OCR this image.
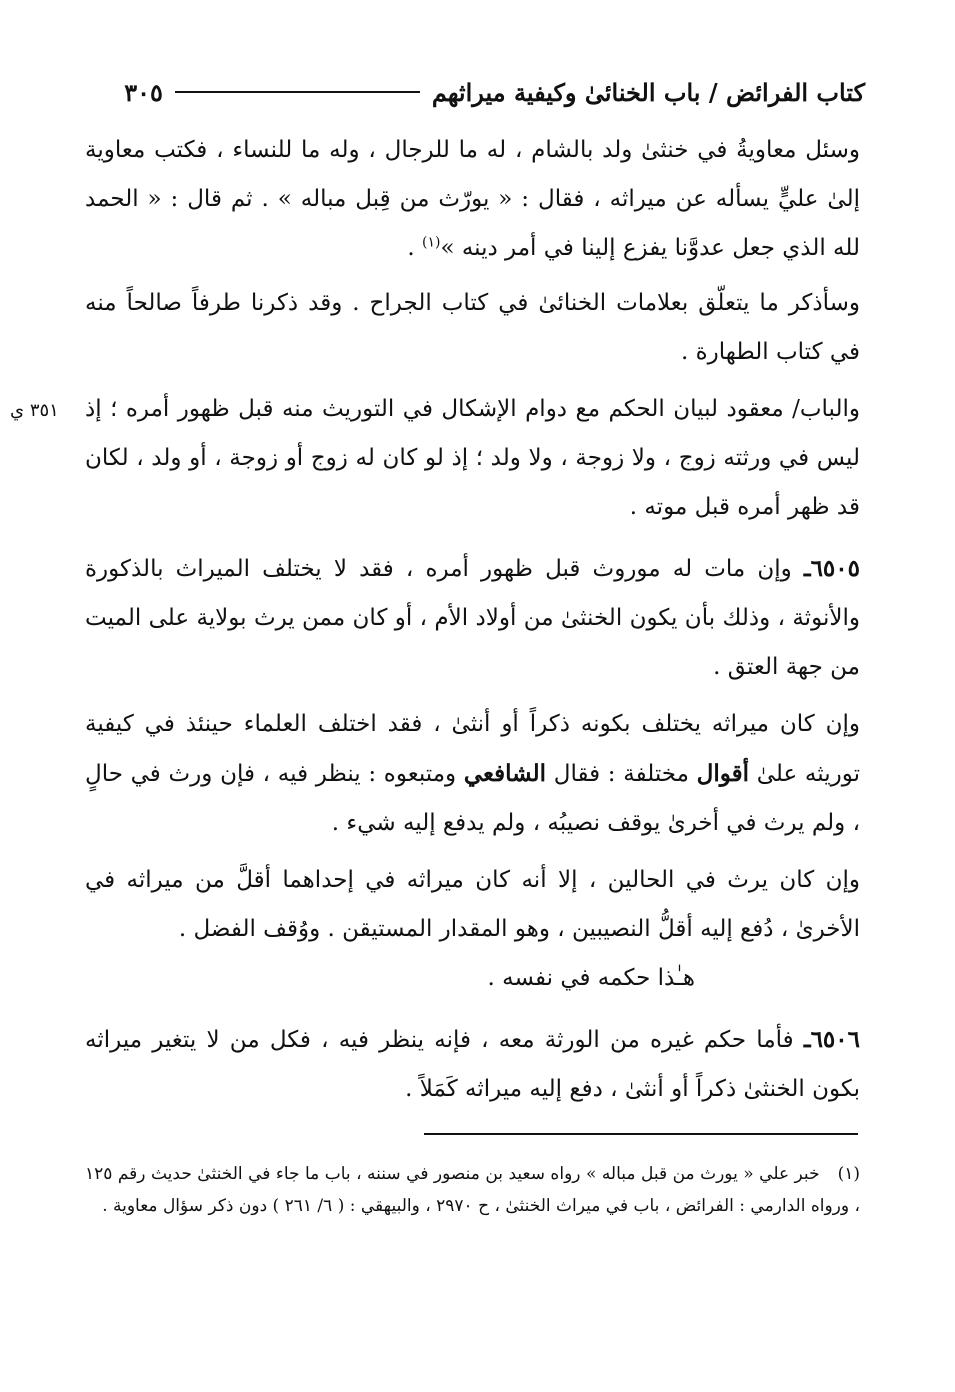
كتاب الفرائض / باب الخنائىٰ وكيفية ميراثهم
٣٠٥

وسئل معاويةُ في خنثىٰ ولد بالشام ، له ما للرجال ، وله ما للنساء ، فكتب معاوية إلىٰ عليٍّ يسأله عن ميراثه ، فقال : « يورّث من قِبل مباله » . ثم قال : « الحمد لله الذي جعل عدوَّنا يفزع إلينا في أمر دينه »$^{(١)}$ .

وسأذكر ما يتعلّق بعلامات الخنائىٰ في كتاب الجراح . وقد ذكرنا طرفاً صالحاً منه في كتاب الطهارة .

والباب/ معقود لبيان الحكم مع دوام الإشكال في التوريث منه قبل ظهور أمره ؛ إذ ليس في ورثته زوج ، ولا زوجة ، ولا ولد ؛ إذ لو كان له زوج أو زوجة ، أو ولد ، لكان قد ظهر أمره قبل موته .

٦٥٠٥ـ وإن مات له موروث قبل ظهور أمره ، فقد لا يختلف الميراث بالذكورة والأنوثة ، وذلك بأن يكون الخنثىٰ من أولاد الأم ، أو كان ممن يرث بولاية على الميت من جهة العتق .

وإن كان ميراثه يختلف بكونه ذكراً أو أنثىٰ ، فقد اختلف العلماء حينئذ في كيفية توريثه علىٰ أقوال مختلفة : فقال الشافعي ومتبعوه : ينظر فيه ، فإن ورث في حالٍ ، ولم يرث في أخرىٰ يوقف نصيبُه ، ولم يدفع إليه شيء .

وإن كان يرث في الحالين ، إلا أنه كان ميراثه في إحداهما أقلَّ من ميراثه في الأخرىٰ ، دُفع إليه أقلُّ النصيبين ، وهو المقدار المستيقن . ووُقف الفضل .

هـٰذا حكمه في نفسه .

٦٥٠٦ـ فأما حكم غيره من الورثة معه ، فإنه ينظر فيه ، فكل من لا يتغير ميراثه بكون الخنثىٰ ذكراً أو أنثىٰ ، دفع إليه ميراثه كَمَلاً .

٣٥١ ي
(١)خبر علي « يورث من قبل مباله » رواه سعيد بن منصور في سننه ، باب ما جاء في الخنثىٰ حديث رقم ١٢٥ ، ورواه الدارمي : الفرائض ، باب في ميراث الخنثىٰ ، ح ٢٩٧٠ ، والبيهقي : ( ٦/ ٢٦١ ) دون ذكر سؤال معاوية .
